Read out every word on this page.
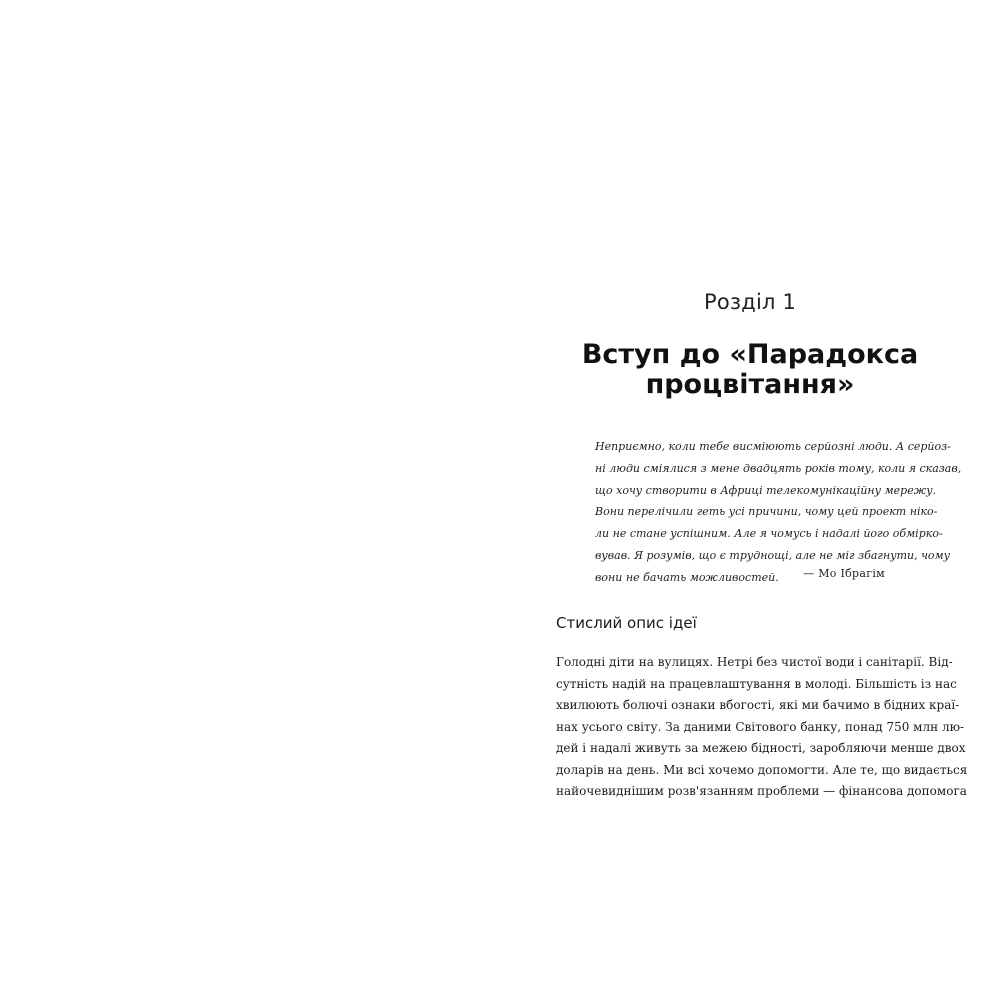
Розділ 1
Вступ до «Парадокса
процвітання»
Неприємно, коли тебе висміюють серйозні люди. А серйоз-
ні люди сміялися з мене двадцять років тому, коли я сказав,
що хочу створити в Африці телекомунікаційну мережу.
Вони перелічили геть усі причини, чому цей проект ніко-
ли не стане успішним. Але я чомусь і надалі його обмірко-
вував. Я розумів, що є труднощі, але не міг збагнути, чому
вони не бачать можливостей.	— Мо Ібрагім
Стислий опис ідеї
Голодні діти на вулицях. Нетрі без чистої води і санітарії. Від-
сутність надій на працевлаштування в молоді. Більшість із нас
хвилюють болючі ознаки вбогості, які ми бачимо в бідних краї-
нах усього світу. За даними Світового банку, понад 750 млн лю-
дей і надалі живуть за межею бідності, заробляючи менше двох
доларів на день. Ми всі хочемо допомогти. Але те, що видається
найочевиднішим розв'язанням проблеми — фінансова допомога
